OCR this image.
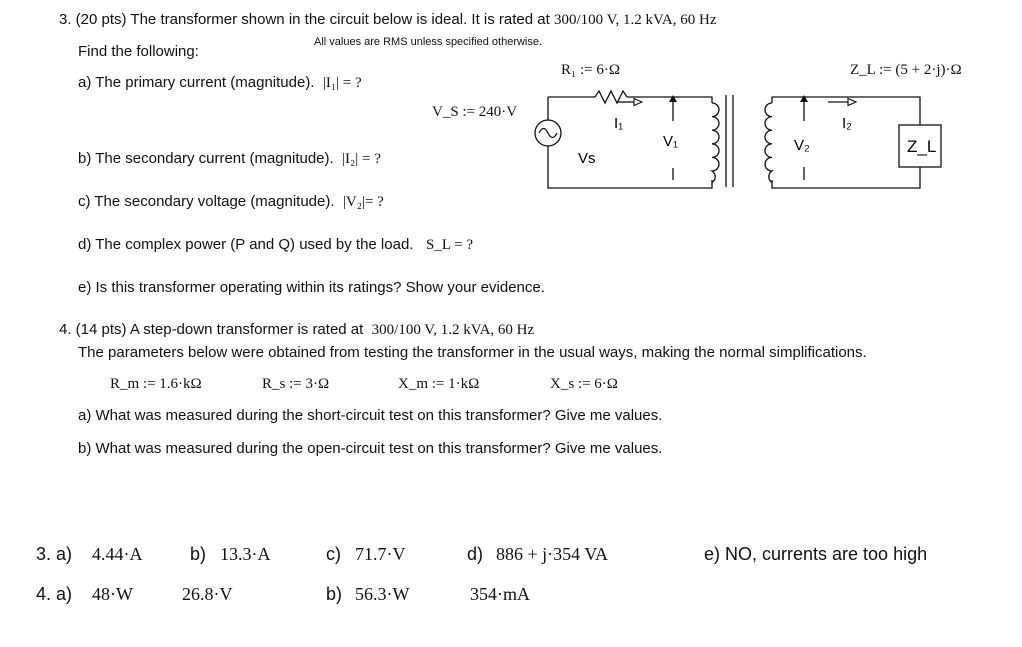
3. (20 pts) The transformer shown in the circuit below is ideal. It is rated at 300/100 V, 1.2 kVA, 60 Hz
Find the following:
All values are RMS unless specified otherwise.
a) The primary current (magnitude). |I₁| = ?
b) The secondary current (magnitude). |I₂| = ?
c) The secondary voltage (magnitude). |V₂|= ?
d) The complex power (P and Q) used by the load. S_L = ?
e) Is this transformer operating within its ratings? Show your evidence.
Vs
I₁
V₁	V₂
I₂
Z_L
R₁ := 6·Ω	Z_L := (5 + 2·j)·Ω
V_S := 240·V
4. (14 pts) A step-down transformer is rated at 300/100 V, 1.2 kVA, 60 Hz
The parameters below were obtained from testing the transformer in the usual ways, making the normal simplifications.
R_m := 1.6·kΩ	R_s := 3·Ω	X_m := 1·kΩ	X_s := 6·Ω
a) What was measured during the short-circuit test on this transformer? Give me values.
b) What was measured during the open-circuit test on this transformer? Give me values.
3. a) 4.44·A	b) 13.3·A	c) 71.7·V	d) 886 + j·354 VA	e) NO, currents are too high
4. a) 48·W	26.8·V	b) 56.3·W	354·mA
